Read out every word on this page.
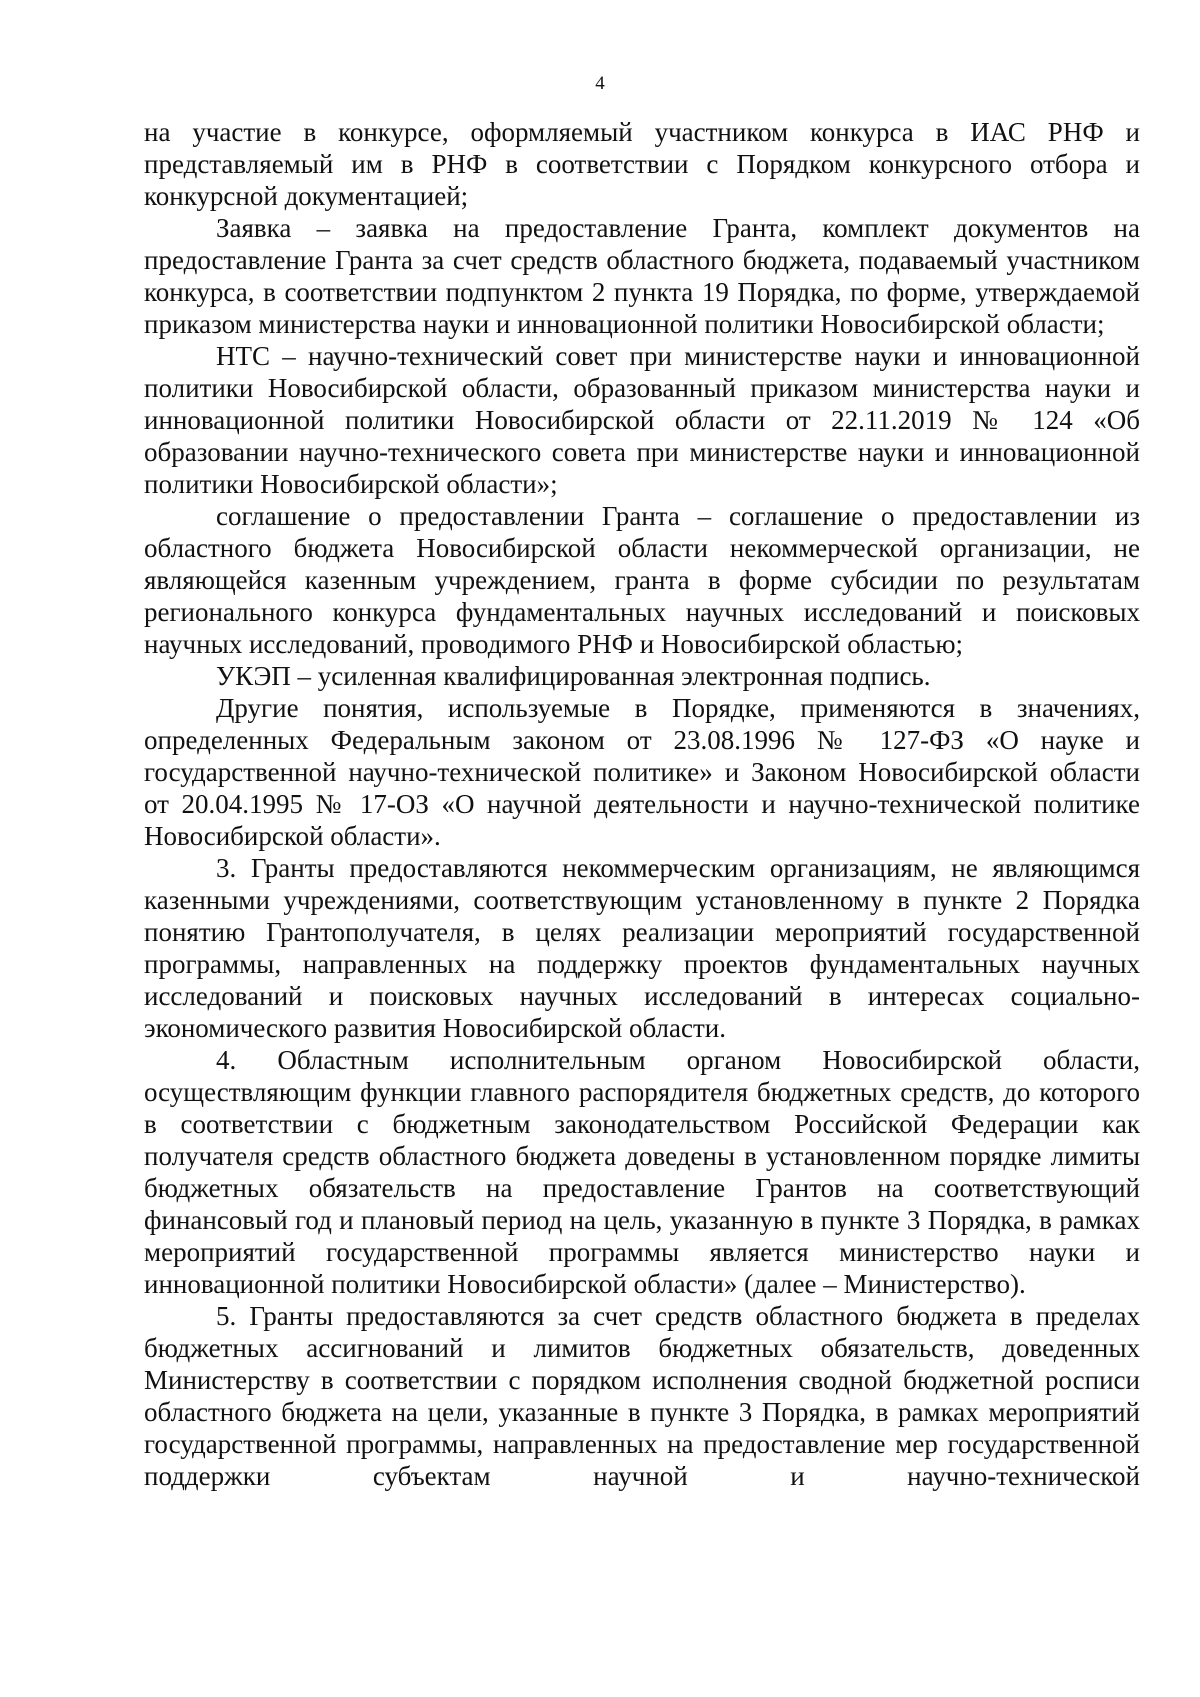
4

на участие в конкурсе, оформляемый участником конкурса в ИАС РНФ и представляемый им в РНФ в соответствии с Порядком конкурсного отбора и конкурсной документацией;

Заявка – заявка на предоставление Гранта, комплект документов на предоставление Гранта за счет средств областного бюджета, подаваемый участником конкурса, в соответствии подпунктом 2 пункта 19 Порядка, по форме, утверждаемой приказом министерства науки и инновационной политики Новосибирской области;

НТС – научно-технический совет при министерстве науки и инновационной политики Новосибирской области, образованный приказом министерства науки и инновационной политики Новосибирской области от 22.11.2019 № 124 «Об образовании научно-технического совета при министерстве науки и инновационной политики Новосибирской области»;

соглашение о предоставлении Гранта – соглашение о предоставлении из областного бюджета Новосибирской области некоммерческой организации, не являющейся казенным учреждением, гранта в форме субсидии по результатам регионального конкурса фундаментальных научных исследований и поисковых научных исследований, проводимого РНФ и Новосибирской областью;

УКЭП – усиленная квалифицированная электронная подпись.

Другие понятия, используемые в Порядке, применяются в значениях, определенных Федеральным законом от 23.08.1996 № 127-ФЗ «О науке и государственной научно-технической политике» и Законом Новосибирской области от 20.04.1995 № 17-ОЗ «О научной деятельности и научно-технической политике Новосибирской области».

3. Гранты предоставляются некоммерческим организациям, не являющимся казенными учреждениями, соответствующим установленному в пункте 2 Порядка понятию Грантополучателя, в целях реализации мероприятий государственной программы, направленных на поддержку проектов фундаментальных научных исследований и поисковых научных исследований в интересах социально-экономического развития Новосибирской области.

4. Областным исполнительным органом Новосибирской области, осуществляющим функции главного распорядителя бюджетных средств, до которого в соответствии с бюджетным законодательством Российской Федерации как получателя средств областного бюджета доведены в установленном порядке лимиты бюджетных обязательств на предоставление Грантов на соответствующий финансовый год и плановый период на цель, указанную в пункте 3 Порядка, в рамках мероприятий государственной программы является министерство науки и инновационной политики Новосибирской области» (далее – Министерство).

5. Гранты предоставляются за счет средств областного бюджета в пределах бюджетных ассигнований и лимитов бюджетных обязательств, доведенных Министерству в соответствии с порядком исполнения сводной бюджетной росписи областного бюджета на цели, указанные в пункте 3 Порядка, в рамках мероприятий государственной программы, направленных на предоставление мер государственной поддержки субъектам научной и научно-технической
